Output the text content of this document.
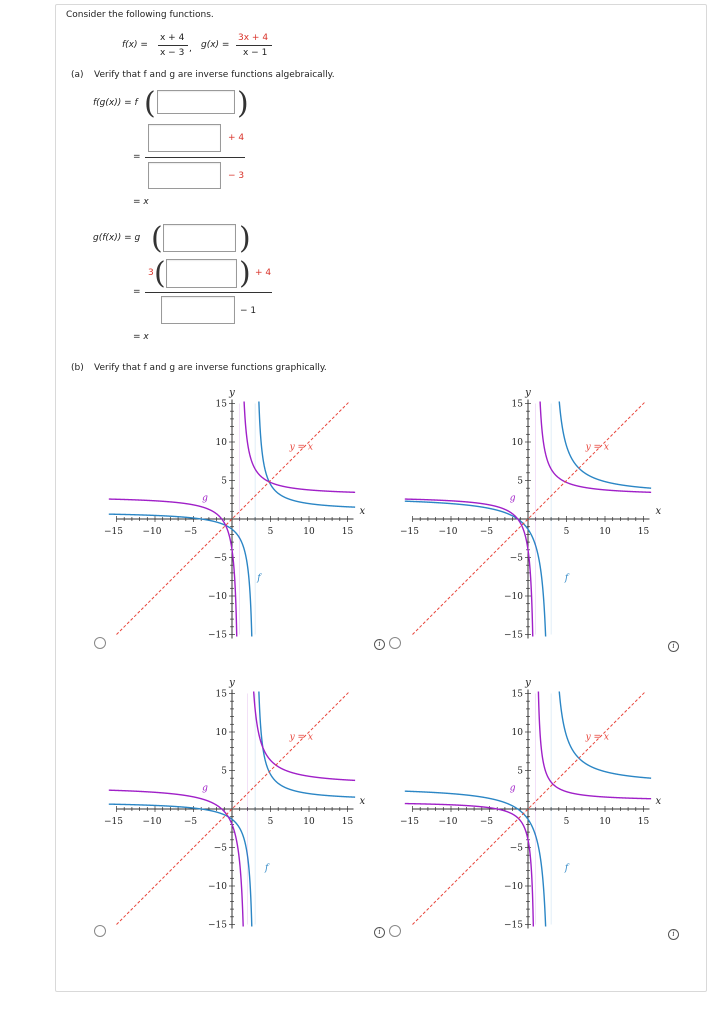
Consider the following functions.
f(x) =
x + 4
x − 3 , g(x) =
3x + 4
x − 1
(a) Verify that f and g are inverse functions algebraically.
f(g(x)) = f (	)
+ 4
=
− 3
= x
g(f(x)) = g (	)
3 ( ) + 4
=
− 1
= x
(b) Verify that f and g are inverse functions graphically.
−15 −10 −5	5	10	15
−15
−10
−5
5
10
15
x
y
f
g
y = x
−15 −10 −5	5	10	15
−15
−10
−5
5
10
15
x
y
f
g
y = x
−15 −10 −5	5	10	15
−15
−10
−5
5
10
15
x
y
f
g
y = x
−15 −10 −5	5	10	15
−15
−10
−5
5
10
15
x
y
f
g
y = x
i	i
i	i
